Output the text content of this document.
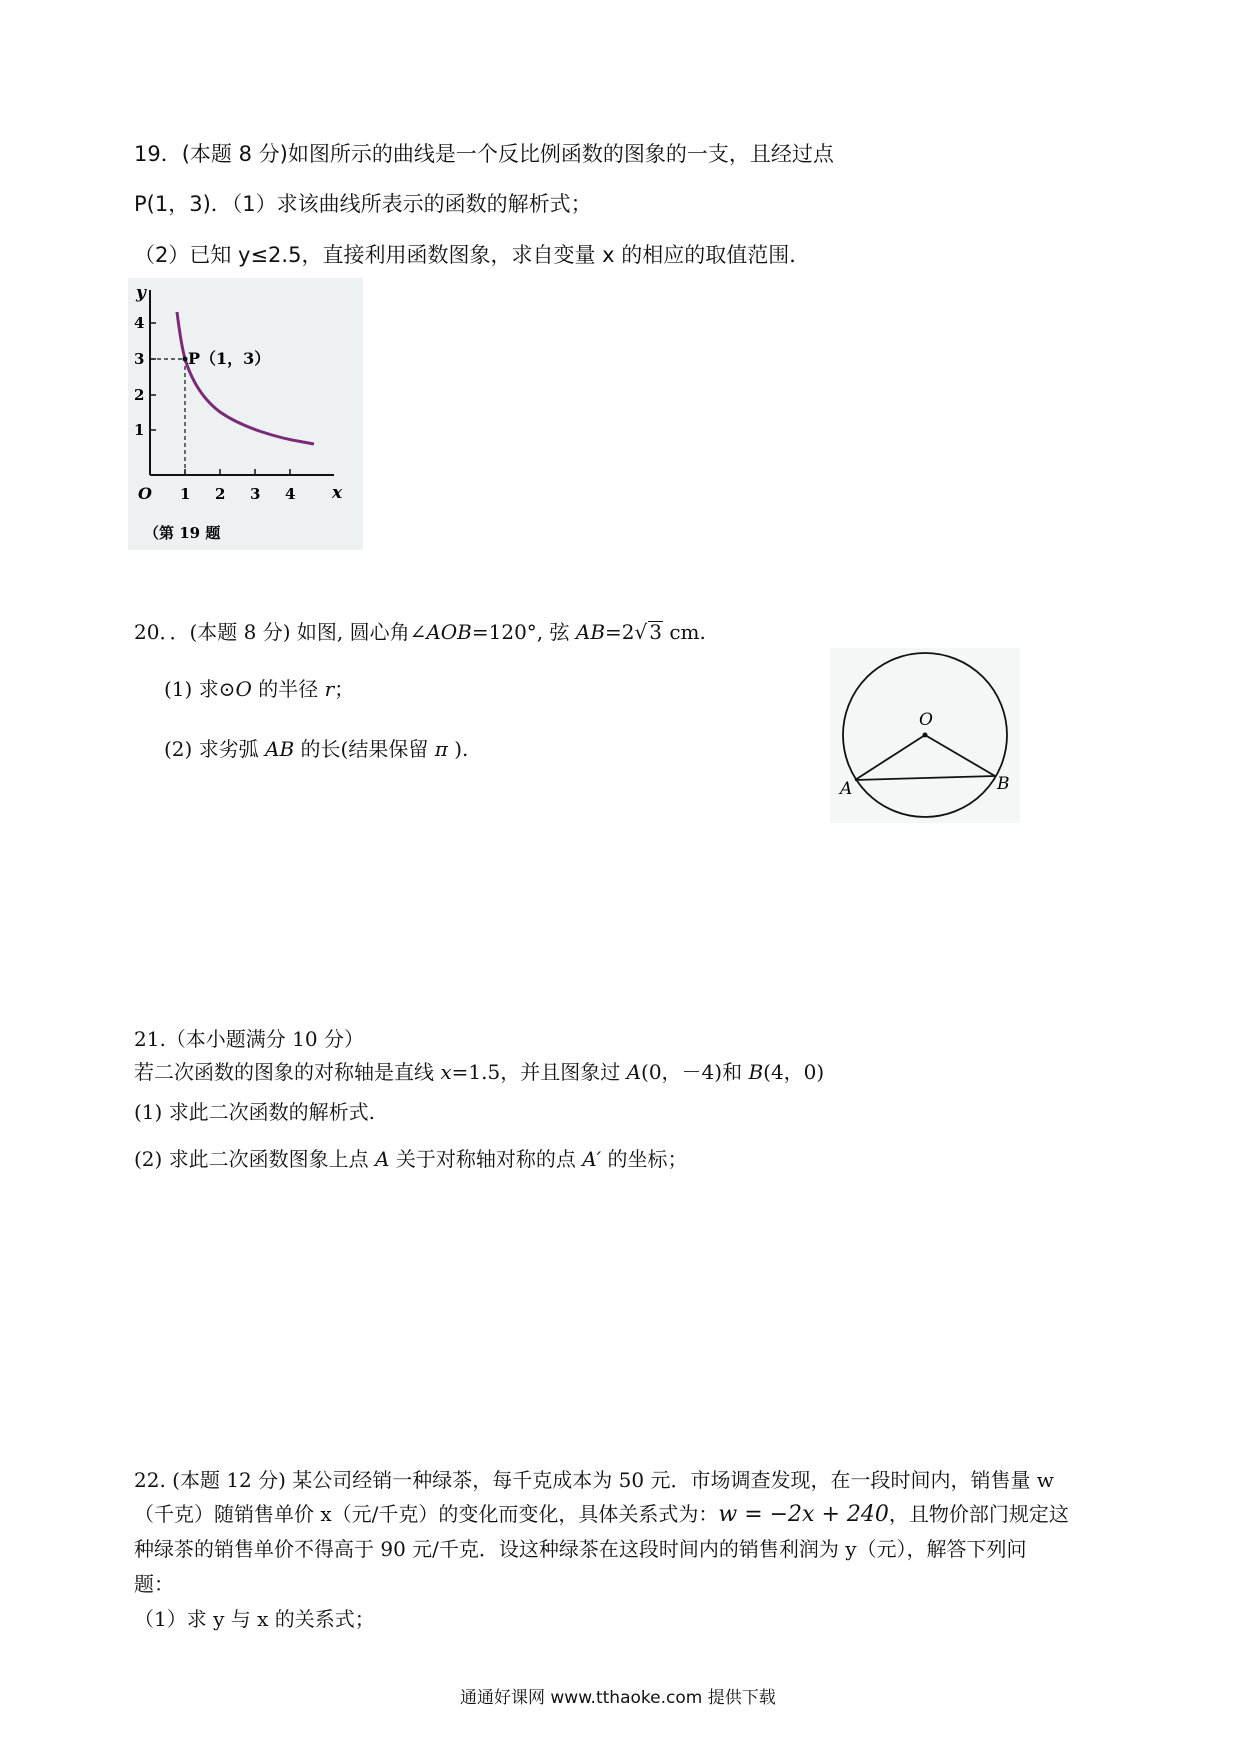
19．(本题 8 分)如图所示的曲线是一个反比例函数的图象的一支，且经过点
P(1，3)．（1）求该曲线所表示的函数的解析式；
（2）已知 y≤2.5，直接利用函数图象，求自变量 x 的相应的取值范围．
y
x
O
4
3
2
1
1 2 3 4
P（1，3）
（第 19 题
20．．(本题 8 分) 如图, 圆心角∠AOB=120°, 弦 AB=2√ 3 cm.
(1) 求⊙O 的半径 r；
(2) 求劣弧 AB 的长(结果保留 π ).
O
A	B
21.（本小题满分 10 分）
若二次函数的图象的对称轴是直线 x=1.5，并且图象过 A(0，－4)和 B(4，0)
(1) 求此二次函数的解析式.
(2) 求此二次函数图象上点 A 关于对称轴对称的点 A′ 的坐标；
22. (本题 12 分) 某公司经销一种绿茶，每千克成本为 50 元．市场调查发现，在一段时间内，销售量 w
（千克）随销售单价 x（元/千克）的变化而变化，具体关系式为：w = −2x + 240，且物价部门规定这
种绿茶的销售单价不得高于 90 元/千克．设这种绿茶在这段时间内的销售利润为 y（元），解答下列问
题：
（1）求 y 与 x 的关系式；
通通好课网 www.tthaoke.com 提供下载
